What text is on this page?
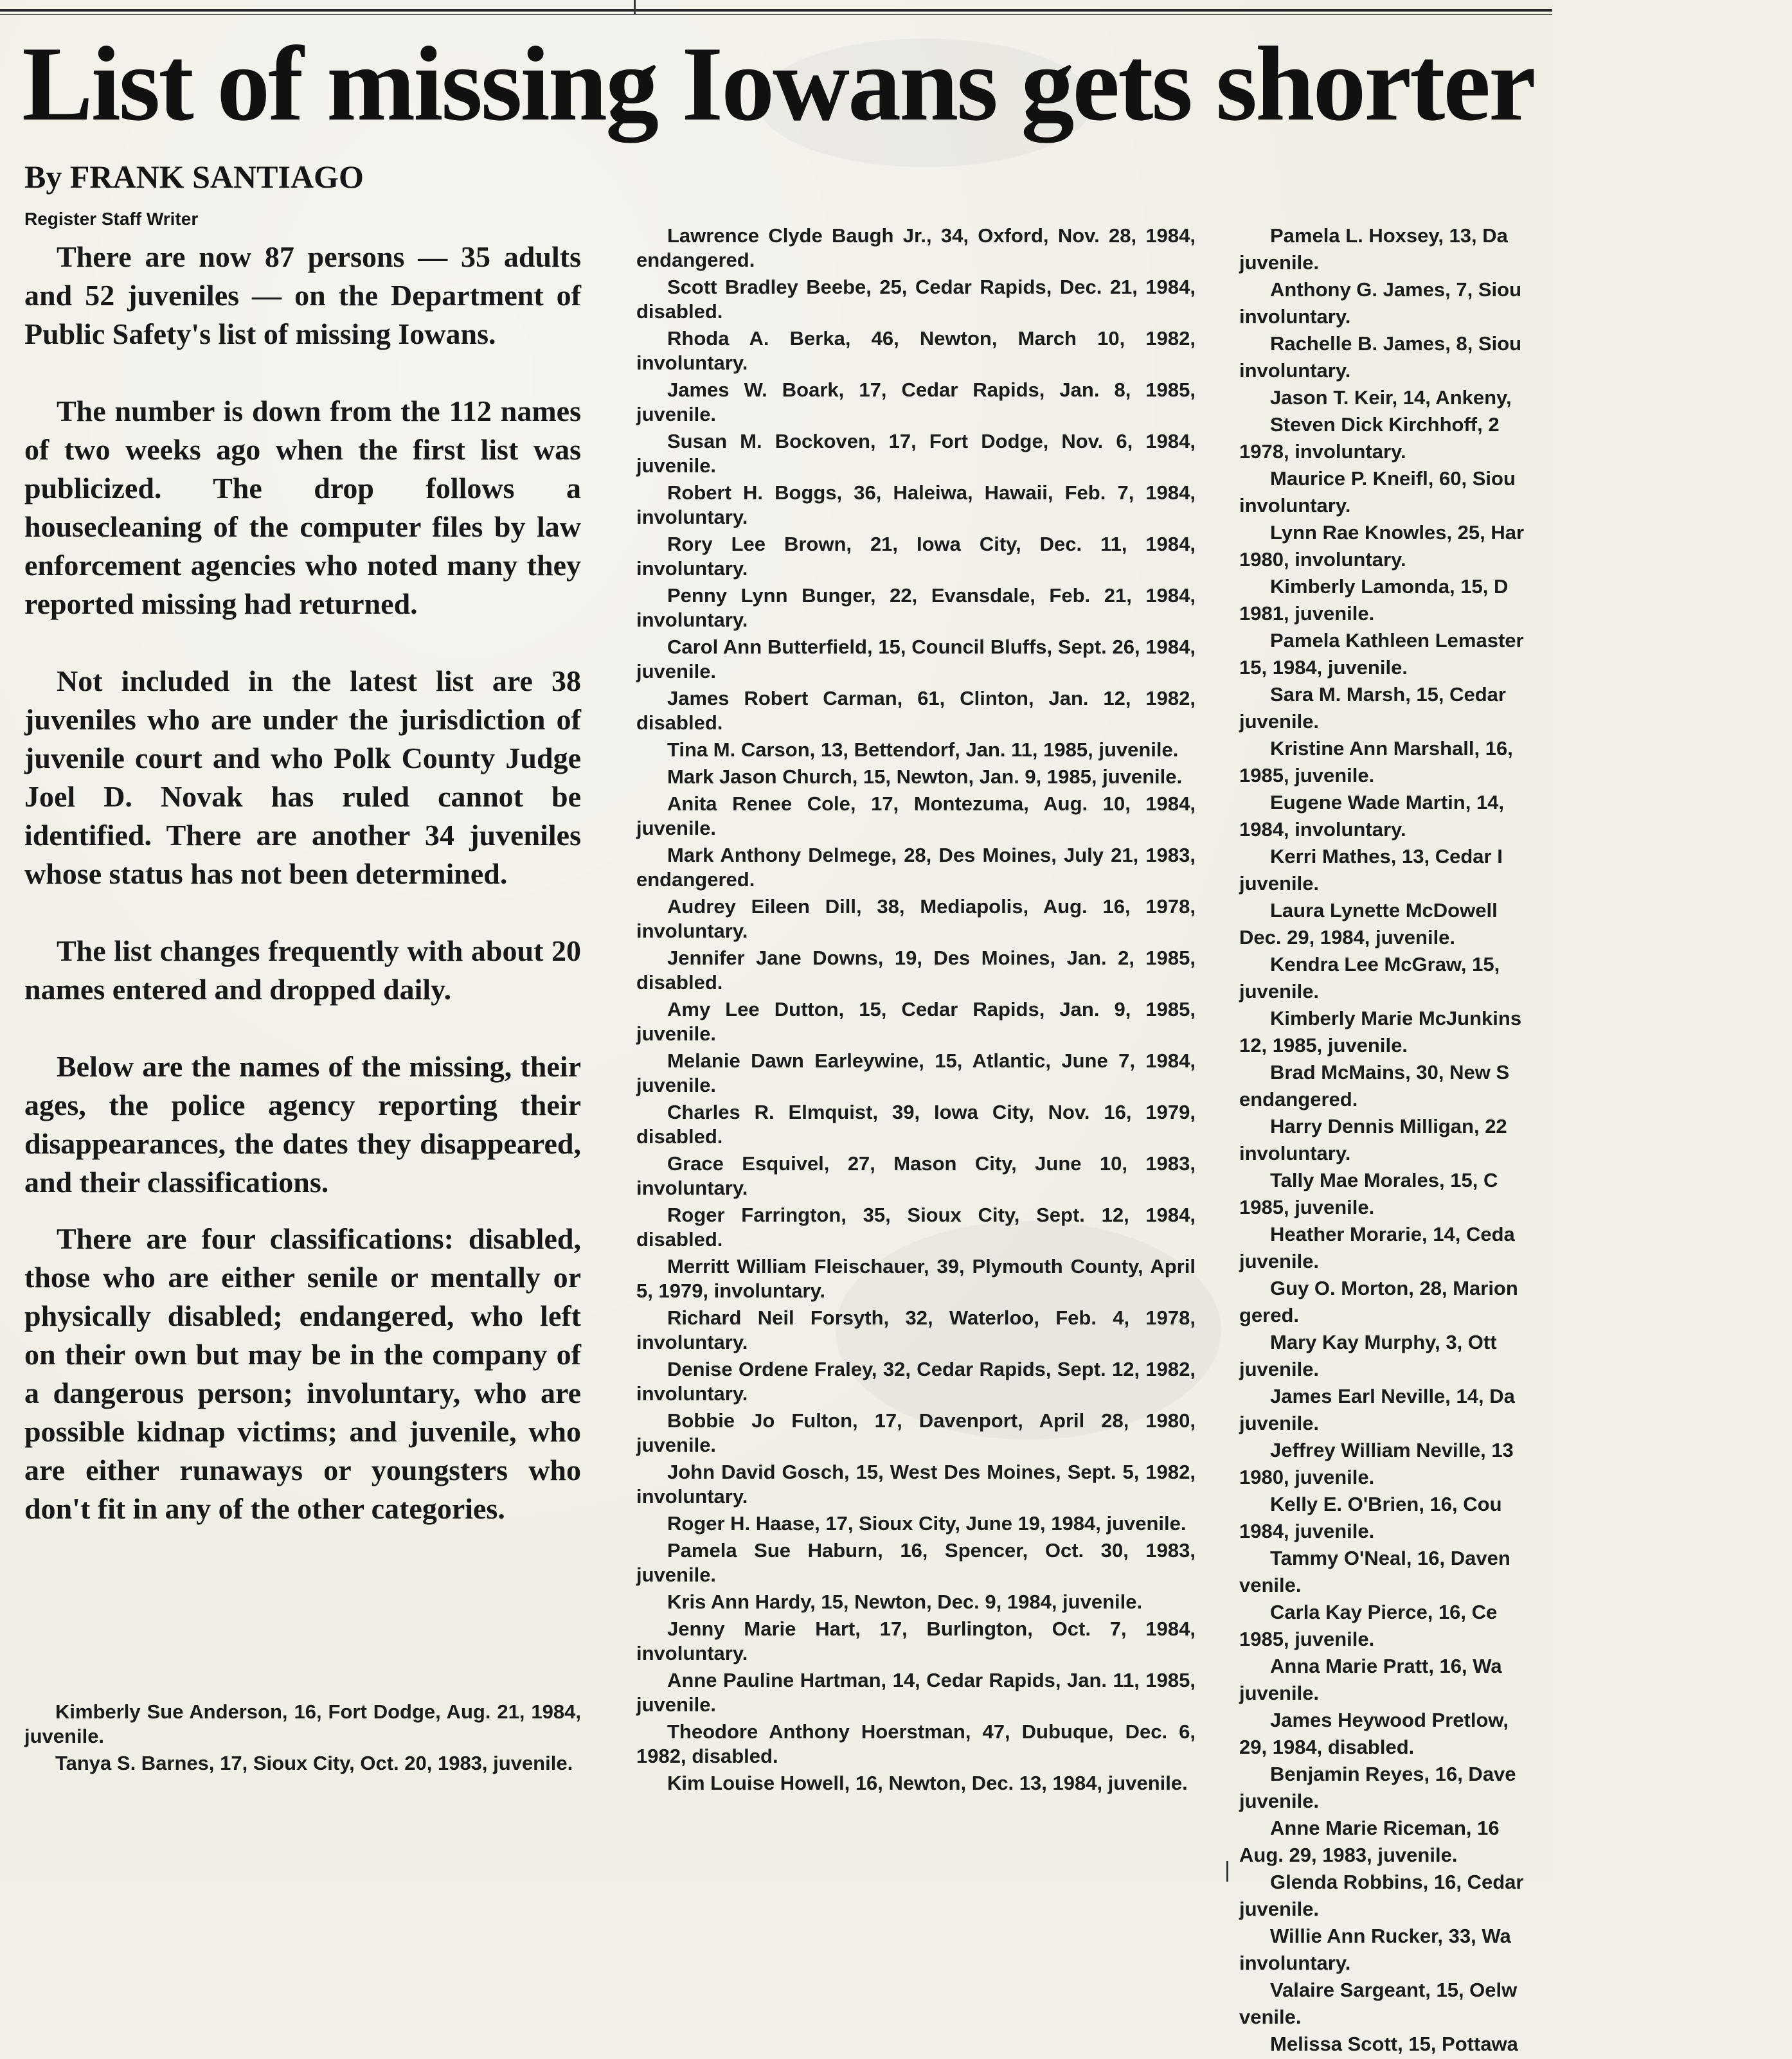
List of missing Iowans gets shorter
By FRANK SANTIAGO
Register Staff Writer

There are now 87 persons — 35 adults and 52 juveniles — on the Department of Public Safety's list of missing Iowans.

The number is down from the 112 names of two weeks ago when the first list was publicized. The drop follows a housecleaning of the computer files by law enforcement agencies who noted many they reported missing had returned.

Not included in the latest list are 38 juveniles who are under the jurisdiction of juvenile court and who Polk County Judge Joel D. Novak has ruled cannot be identified. There are another 34 juveniles whose status has not been determined.

The list changes frequently with about 20 names entered and dropped daily.

Below are the names of the missing, their ages, the police agency reporting their disappearances, the dates they disappeared, and their classifications.

There are four classifications: disabled, those who are either senile or mentally or physically disabled; endangered, who left on their own but may be in the company of a dangerous person; involuntary, who are possible kidnap victims; and juvenile, who are either runaways or youngsters who don't fit in any of the other categories.

Kimberly Sue Anderson, 16, Fort Dodge, Aug. 21, 1984, juvenile.
Tanya S. Barnes, 17, Sioux City, Oct. 20, 1983, juvenile.
Lawrence Clyde Baugh Jr., 34, Oxford, Nov. 28, 1984, endangered.
Scott Bradley Beebe, 25, Cedar Rapids, Dec. 21, 1984, disabled.
Rhoda A. Berka, 46, Newton, March 10, 1982, involuntary.
James W. Boark, 17, Cedar Rapids, Jan. 8, 1985, juvenile.
Susan M. Bockoven, 17, Fort Dodge, Nov. 6, 1984, juvenile.
Robert H. Boggs, 36, Haleiwa, Hawaii, Feb. 7, 1984, involuntary.
Rory Lee Brown, 21, Iowa City, Dec. 11, 1984, involuntary.
Penny Lynn Bunger, 22, Evansdale, Feb. 21, 1984, involuntary.
Carol Ann Butterfield, 15, Council Bluffs, Sept. 26, 1984, juvenile.
James Robert Carman, 61, Clinton, Jan. 12, 1982, disabled.
Tina M. Carson, 13, Bettendorf, Jan. 11, 1985, juvenile.
Mark Jason Church, 15, Newton, Jan. 9, 1985, juvenile.
Anita Renee Cole, 17, Montezuma, Aug. 10, 1984, juvenile.
Mark Anthony Delmege, 28, Des Moines, July 21, 1983, endangered.
Audrey Eileen Dill, 38, Mediapolis, Aug. 16, 1978, involuntary.
Jennifer Jane Downs, 19, Des Moines, Jan. 2, 1985, disabled.
Amy Lee Dutton, 15, Cedar Rapids, Jan. 9, 1985, juvenile.
Melanie Dawn Earleywine, 15, Atlantic, June 7, 1984, juvenile.
Charles R. Elmquist, 39, Iowa City, Nov. 16, 1979, disabled.
Grace Esquivel, 27, Mason City, June 10, 1983, involuntary.
Roger Farrington, 35, Sioux City, Sept. 12, 1984, disabled.
Merritt William Fleischauer, 39, Plymouth County, April 5, 1979, involuntary.
Richard Neil Forsyth, 32, Waterloo, Feb. 4, 1978, involuntary.
Denise Ordene Fraley, 32, Cedar Rapids, Sept. 12, 1982, involuntary.
Bobbie Jo Fulton, 17, Davenport, April 28, 1980, juvenile.
John David Gosch, 15, West Des Moines, Sept. 5, 1982, involuntary.
Roger H. Haase, 17, Sioux City, June 19, 1984, juvenile.
Pamela Sue Haburn, 16, Spencer, Oct. 30, 1983, juvenile.
Kris Ann Hardy, 15, Newton, Dec. 9, 1984, juvenile.
Jenny Marie Hart, 17, Burlington, Oct. 7, 1984, involuntary.
Anne Pauline Hartman, 14, Cedar Rapids, Jan. 11, 1985, juvenile.
Theodore Anthony Hoerstman, 47, Dubuque, Dec. 6, 1982, disabled.
Kim Louise Howell, 16, Newton, Dec. 13, 1984, juvenile.
Pamela L. Hoxsey, 13, Da
juvenile.
Anthony G. James, 7, Siou
involuntary.
Rachelle B. James, 8, Siou
involuntary.
Jason T. Keir, 14, Ankeny,
Steven Dick Kirchhoff, 2
1978, involuntary.
Maurice P. Kneifl, 60, Siou
involuntary.
Lynn Rae Knowles, 25, Har
1980, involuntary.
Kimberly Lamonda, 15, D
1981, juvenile.
Pamela Kathleen Lemaster
15, 1984, juvenile.
Sara M. Marsh, 15, Cedar
juvenile.
Kristine Ann Marshall, 16,
1985, juvenile.
Eugene Wade Martin, 14,
1984, involuntary.
Kerri Mathes, 13, Cedar I
juvenile.
Laura Lynette McDowell
Dec. 29, 1984, juvenile.
Kendra Lee McGraw, 15,
juvenile.
Kimberly Marie McJunkins
12, 1985, juvenile.
Brad McMains, 30, New S
endangered.
Harry Dennis Milligan, 22
involuntary.
Tally Mae Morales, 15, C
1985, juvenile.
Heather Morarie, 14, Ceda
juvenile.
Guy O. Morton, 28, Marion
gered.
Mary Kay Murphy, 3, Ott
juvenile.
James Earl Neville, 14, Da
juvenile.
Jeffrey William Neville, 13
1980, juvenile.
Kelly E. O'Brien, 16, Cou
1984, juvenile.
Tammy O'Neal, 16, Daven
venile.
Carla Kay Pierce, 16, Ce
1985, juvenile.
Anna Marie Pratt, 16, Wa
juvenile.
James Heywood Pretlow,
29, 1984, disabled.
Benjamin Reyes, 16, Dave
juvenile.
Anne Marie Riceman, 16
Aug. 29, 1983, juvenile.
Glenda Robbins, 16, Cedar
juvenile.
Willie Ann Rucker, 33, Wa
involuntary.
Valaire Sargeant, 15, Oelw
venile.
Melissa Scott, 15, Pottawa
